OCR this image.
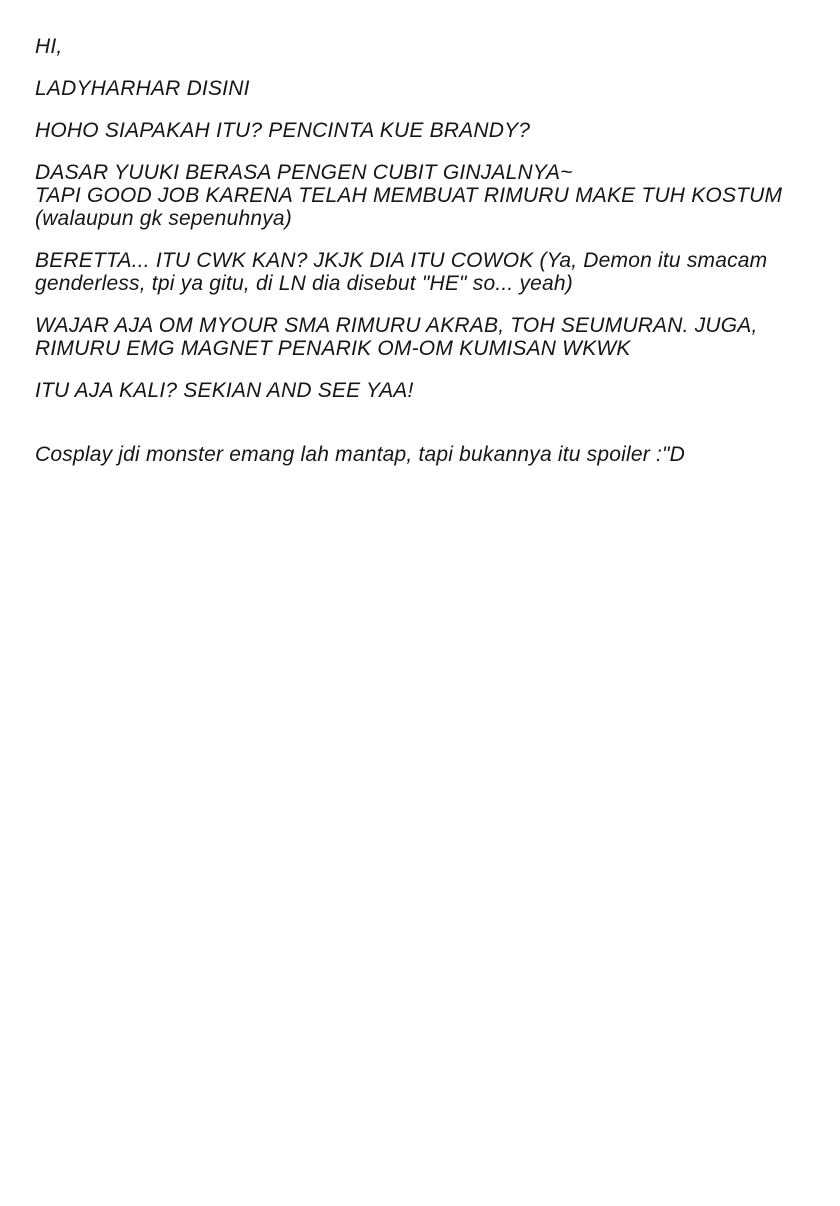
HI,
LADYHARHAR DISINI
HOHO SIAPAKAH ITU? PENCINTA KUE BRANDY?
DASAR YUUKI BERASA PENGEN CUBIT GINJALNYA~
TAPI GOOD JOB KARENA TELAH MEMBUAT RIMURU MAKE TUH KOSTUM
(walaupun gk sepenuhnya)
BERETTA... ITU CWK KAN? JKJK DIA ITU COWOK (Ya, Demon itu smacam
genderless, tpi ya gitu, di LN dia disebut "HE" so... yeah)
WAJAR AJA OM MYOUR SMA RIMURU AKRAB, TOH SEUMURAN. JUGA,
RIMURU EMG MAGNET PENARIK OM-OM KUMISAN WKWK
ITU AJA KALI? SEKIAN AND SEE YAA!
Cosplay jdi monster emang lah mantap, tapi bukannya itu spoiler :"D
